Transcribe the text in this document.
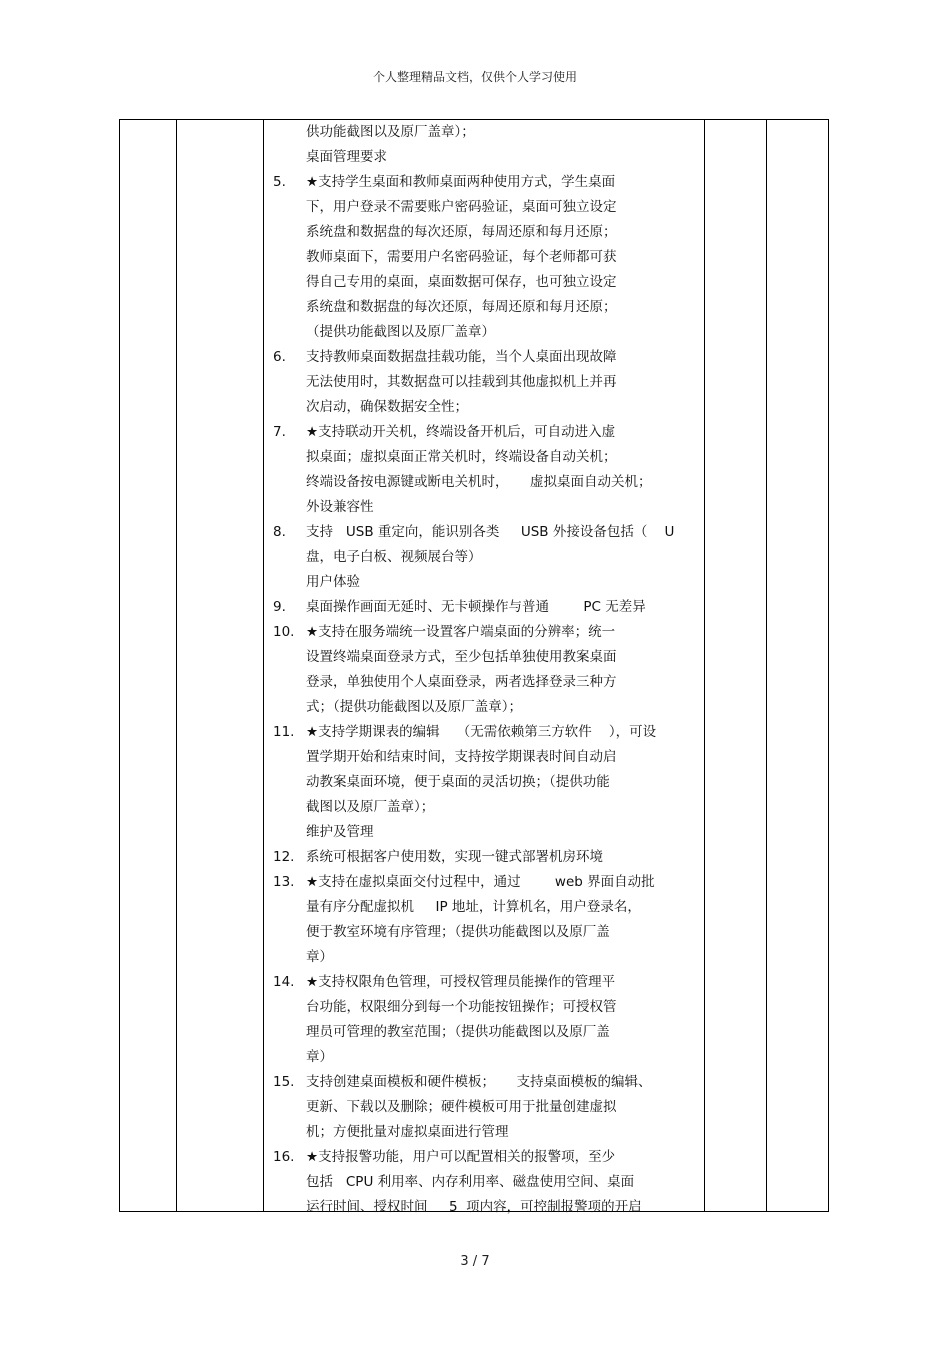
个人整理精品文档，仅供个人学习使用
供功能截图以及原厂盖章）；
桌面管理要求
5. ★支持学生桌面和教师桌面两种使用方式，学生桌面
下，用户登录不需要账户密码验证，桌面可独立设定
系统盘和数据盘的每次还原，每周还原和每月还原；
教师桌面下，需要用户名密码验证，每个老师都可获
得自己专用的桌面，桌面数据可保存，也可独立设定
系统盘和数据盘的每次还原，每周还原和每月还原；
（提供功能截图以及原厂盖章）
6. 支持教师桌面数据盘挂载功能，当个人桌面出现故障
无法使用时，其数据盘可以挂载到其他虚拟机上并再
次启动，确保数据安全性；
7. ★支持联动开关机，终端设备开机后，可自动进入虚
拟桌面；虚拟桌面正常关机时，终端设备自动关机；
终端设备按电源键或断电关机时，     虚拟桌面自动关机；
外设兼容性
8. 支持   USB 重定向，能识别各类     USB 外接设备包括（    U
盘，电子白板、视频展台等）
用户体验
9. 桌面操作画面无延时、无卡顿操作与普通        PC 无差异
10. ★支持在服务端统一设置客户端桌面的分辨率；统一
设置终端桌面登录方式，至少包括单独使用教案桌面
登录，单独使用个人桌面登录，两者选择登录三种方
式；（提供功能截图以及原厂盖章）；
11. ★支持学期课表的编辑    （无需依赖第三方软件    ），可设
置学期开始和结束时间，支持按学期课表时间自动启
动教案桌面环境，便于桌面的灵活切换；（提供功能
截图以及原厂盖章）；
维护及管理
12. 系统可根据客户使用数，实现一键式部署机房环境
13. ★支持在虚拟桌面交付过程中，通过        web 界面自动批
量有序分配虚拟机     IP 地址，计算机名，用户登录名，
便于教室环境有序管理；（提供功能截图以及原厂盖
章）
14. ★支持权限角色管理，可授权管理员能操作的管理平
台功能，权限细分到每一个功能按钮操作；可授权管
理员可管理的教室范围；（提供功能截图以及原厂盖
章）
15. 支持创建桌面模板和硬件模板；     支持桌面模板的编辑、
更新、下载以及删除；硬件模板可用于批量创建虚拟
机；方便批量对虚拟桌面进行管理
16. ★支持报警功能，用户可以配置相关的报警项，至少
包括   CPU 利用率、内存利用率、磁盘使用空间、桌面
运行时间、授权时间     5  项内容，可控制报警项的开启
3 / 7
